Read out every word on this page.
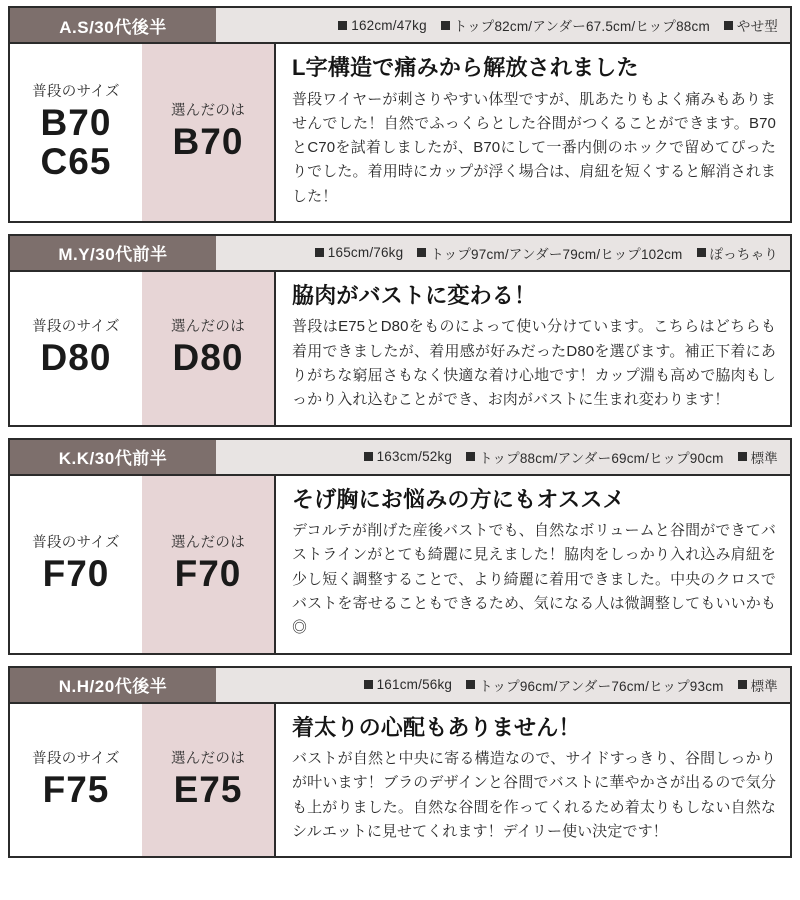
A.S/30代後半	162cm/47kg トップ82cm/アンダー67.5cm/ヒップ88cm やせ型
普段のサイズ
B70
C65
選んだのは
B70
L字構造で痛みから解放されました

普段ワイヤーが刺さりやすい体型ですが、肌あたりもよく痛みもありませんでした！自然でふっくらとした谷間がつくることができます。B70とC70を試着しましたが、B70にして一番内側のホックで留めてぴったりでした。着用時にカップが浮く場合は、肩紐を短くすると解消されました！

M.Y/30代前半	165cm/76kg トップ97cm/アンダー79cm/ヒップ102cm ぽっちゃり
普段のサイズ
D80
選んだのは
D80
脇肉がバストに変わる！

普段はE75とD80をものによって使い分けています。こちらはどちらも着用できましたが、着用感が好みだったD80を選びます。補正下着にありがちな窮屈さもなく快適な着け心地です！カップ淵も高めで脇肉もしっかり入れ込むことができ、お肉がバストに生まれ変わります！

K.K/30代前半	163cm/52kg トップ88cm/アンダー69cm/ヒップ90cm 標準
普段のサイズ
F70
選んだのは
F70
そげ胸にお悩みの方にもオススメ

デコルテが削げた産後バストでも、自然なボリュームと谷間ができてバストラインがとても綺麗に見えました！脇肉をしっかり入れ込み肩紐を少し短く調整することで、より綺麗に着用できました。中央のクロスでバストを寄せることもできるため、気になる人は微調整してもいいかも◎

N.H/20代後半	161cm/56kg トップ96cm/アンダー76cm/ヒップ93cm 標準
普段のサイズ
F75
選んだのは
E75
着太りの心配もありません！

バストが自然と中央に寄る構造なので、サイドすっきり、谷間しっかりが叶います！ブラのデザインと谷間でバストに華やかさが出るので気分も上がりました。自然な谷間を作ってくれるため着太りもしない自然なシルエットに見せてくれます！デイリー使い決定です！
